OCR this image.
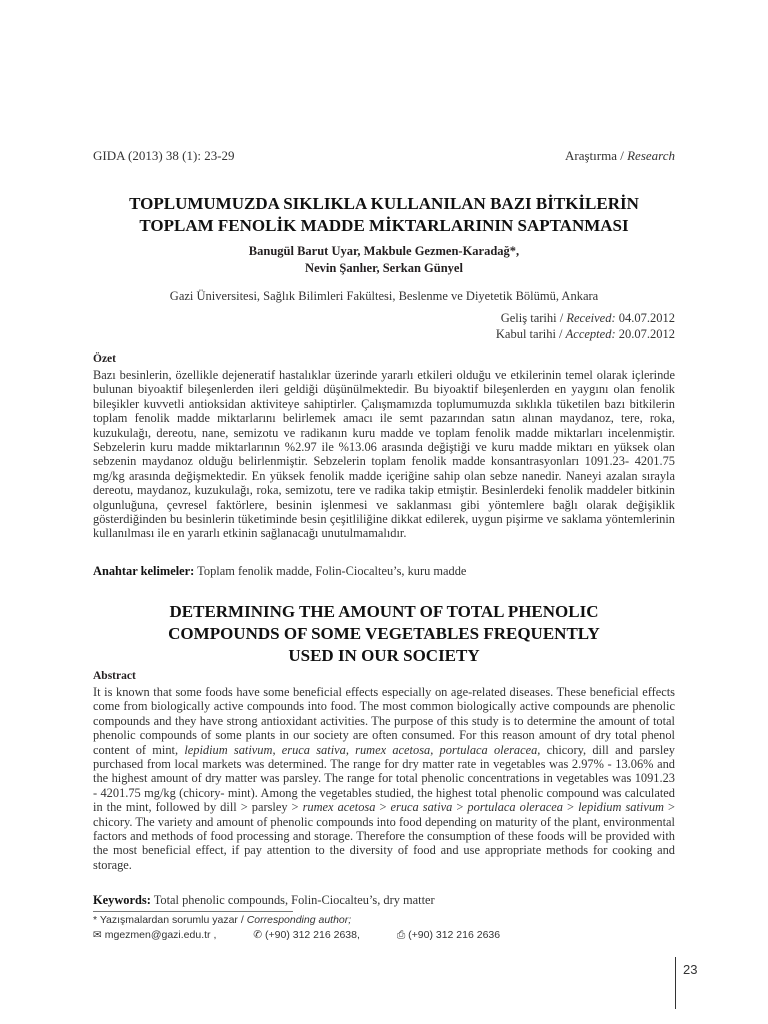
GIDA (2013) 38 (1): 23-29	Araştırma / Research
TOPLUMUMUZDA SIKLIKLA KULLANILAN BAZI BİTKİLERİN
TOPLAM FENOLİK MADDE MİKTARLARININ SAPTANMASI
Banugül Barut Uyar, Makbule Gezmen-Karadağ*,
Nevin Şanlıer, Serkan Günyel
Gazi Üniversitesi, Sağlık Bilimleri Fakültesi, Beslenme ve Diyetetik Bölümü, Ankara
Geliş tarihi / Received: 04.07.2012
Kabul tarihi / Accepted: 20.07.2012
Özet
Bazı besinlerin, özellikle dejeneratif hastalıklar üzerinde yararlı etkileri olduğu ve etkilerinin temel olarak içlerinde bulunan biyoaktif bileşenlerden ileri geldiği düşünülmektedir. Bu biyoaktif bileşenlerden en yaygını olan fenolik bileşikler kuvvetli antioksidan aktiviteye sahiptirler. Çalışmamızda toplumumuzda sıklıkla tüketilen bazı bitkilerin toplam fenolik madde miktarlarını belirlemek amacı ile semt pazarından satın alınan maydanoz, tere, roka, kuzukulağı, dereotu, nane, semizotu ve radikanın kuru madde ve toplam fenolik madde miktarları incelenmiştir. Sebzelerin kuru madde miktarlarının %2.97 ile %13.06 arasında değiştiği ve kuru madde miktarı en yüksek olan sebzenin maydanoz olduğu belirlenmiştir. Sebzelerin toplam fenolik madde konsantrasyonları 1091.23- 4201.75 mg/kg arasında değişmektedir. En yüksek fenolik madde içeriğine sahip olan sebze nanedir. Naneyi azalan sırayla dereotu, maydanoz, kuzukulağı, roka, semizotu, tere ve radika takip etmiştir. Besinlerdeki fenolik maddeler bitkinin olgunluğuna, çevresel faktörlere, besinin işlenmesi ve saklanması gibi yöntemlere bağlı olarak değişiklik gösterdiğinden bu besinlerin tüketiminde besin çeşitliliğine dikkat edilerek, uygun pişirme ve saklama yöntemlerinin kullanılması ile en yararlı etkinin sağlanacağı unutulmamalıdır.
Anahtar kelimeler: Toplam fenolik madde, Folin-Ciocalteu’s, kuru madde
DETERMINING THE AMOUNT OF TOTAL PHENOLIC
COMPOUNDS OF SOME VEGETABLES FREQUENTLY
USED IN OUR SOCIETY
Abstract
It is known that some foods have some beneficial effects especially on age-related diseases. These beneficial effects come from biologically active compounds into food. The most common biologically active compounds are phenolic compounds and they have strong antioxidant activities. The purpose of this study is to determine the amount of total phenolic compounds of some plants in our society are often consumed. For this reason amount of dry total phenol content of mint, lepidium sativum, eruca sativa, rumex acetosa, portulaca oleracea, chicory, dill and parsley purchased from local markets was determined. The range for dry matter rate in vegetables was 2.97% - 13.06% and the highest amount of dry matter was parsley. The range for total phenolic concentrations in vegetables was 1091.23 - 4201.75 mg/kg (chicory- mint). Among the vegetables studied, the highest total phenolic compound was calculated in the mint, followed by dill > parsley > rumex acetosa > eruca sativa > portulaca oleracea > lepidium sativum > chicory. The variety and amount of phenolic compounds into food depending on maturity of the plant, environmental factors and methods of food processing and storage. Therefore the consumption of these foods will be provided with the most beneficial effect, if pay attention to the diversity of food and use appropriate methods for cooking and storage.
Keywords: Total phenolic compounds, Folin-Ciocalteu’s, dry matter
* Yazışmalardan sorumlu yazar / Corresponding author;
✉ mgezmen@gazi.edu.tr ,	✆ (+90) 312 216 2638,	⎙ (+90) 312 216 2636
23
